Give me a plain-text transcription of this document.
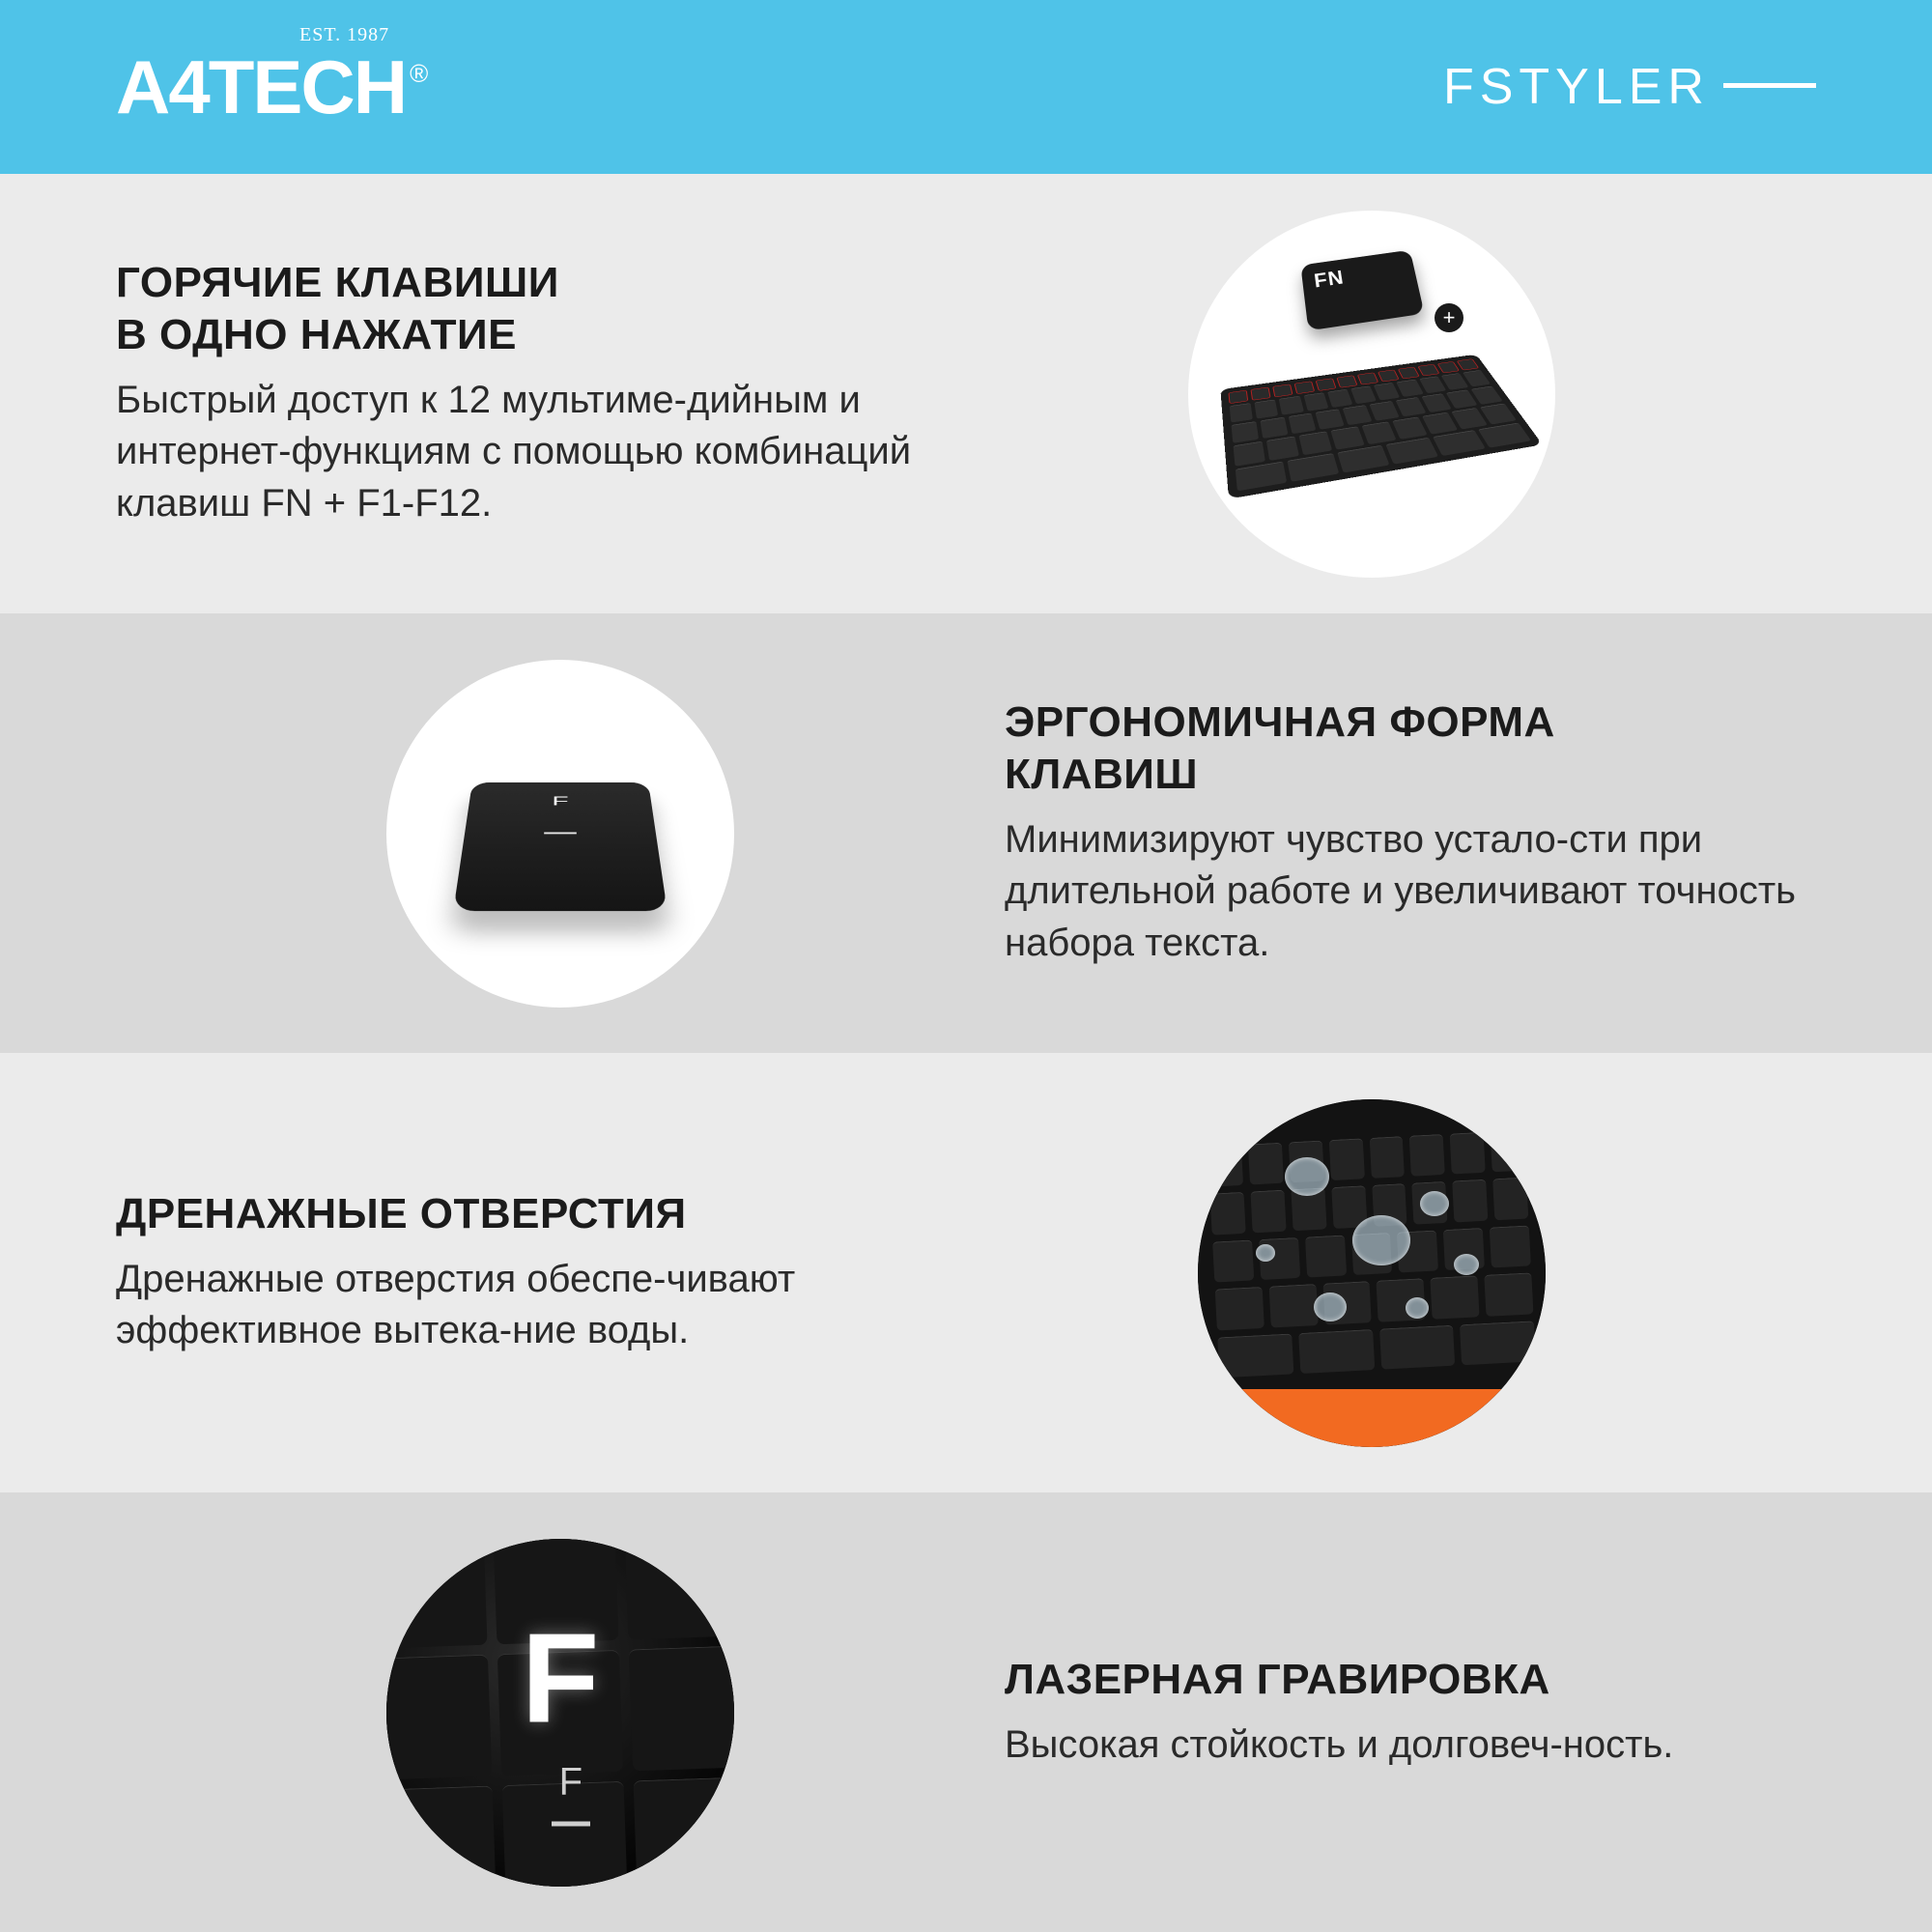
EST. 1987
A4TECH ®	FSTYLER
ГОРЯЧИЕ КЛАВИШИ
В ОДНО НАЖАТИЕ

Быстрый доступ к 12 мультиме-дийным и интернет-функциям с помощью комбинаций клавиш FN + F1-F12.

FN
+
F
ЭРГОНОМИЧНАЯ ФОРМА
КЛАВИШ

Минимизируют чувство устало-сти при длительной работе и увеличивают точность набора текста.

ДРЕНАЖНЫЕ ОТВЕРСТИЯ

Дренажные отверстия обеспе-чивают эффективное вытека-ние воды.

F
F
ЛАЗЕРНАЯ ГРАВИРОВКА

Высокая стойкость и долговеч-ность.
